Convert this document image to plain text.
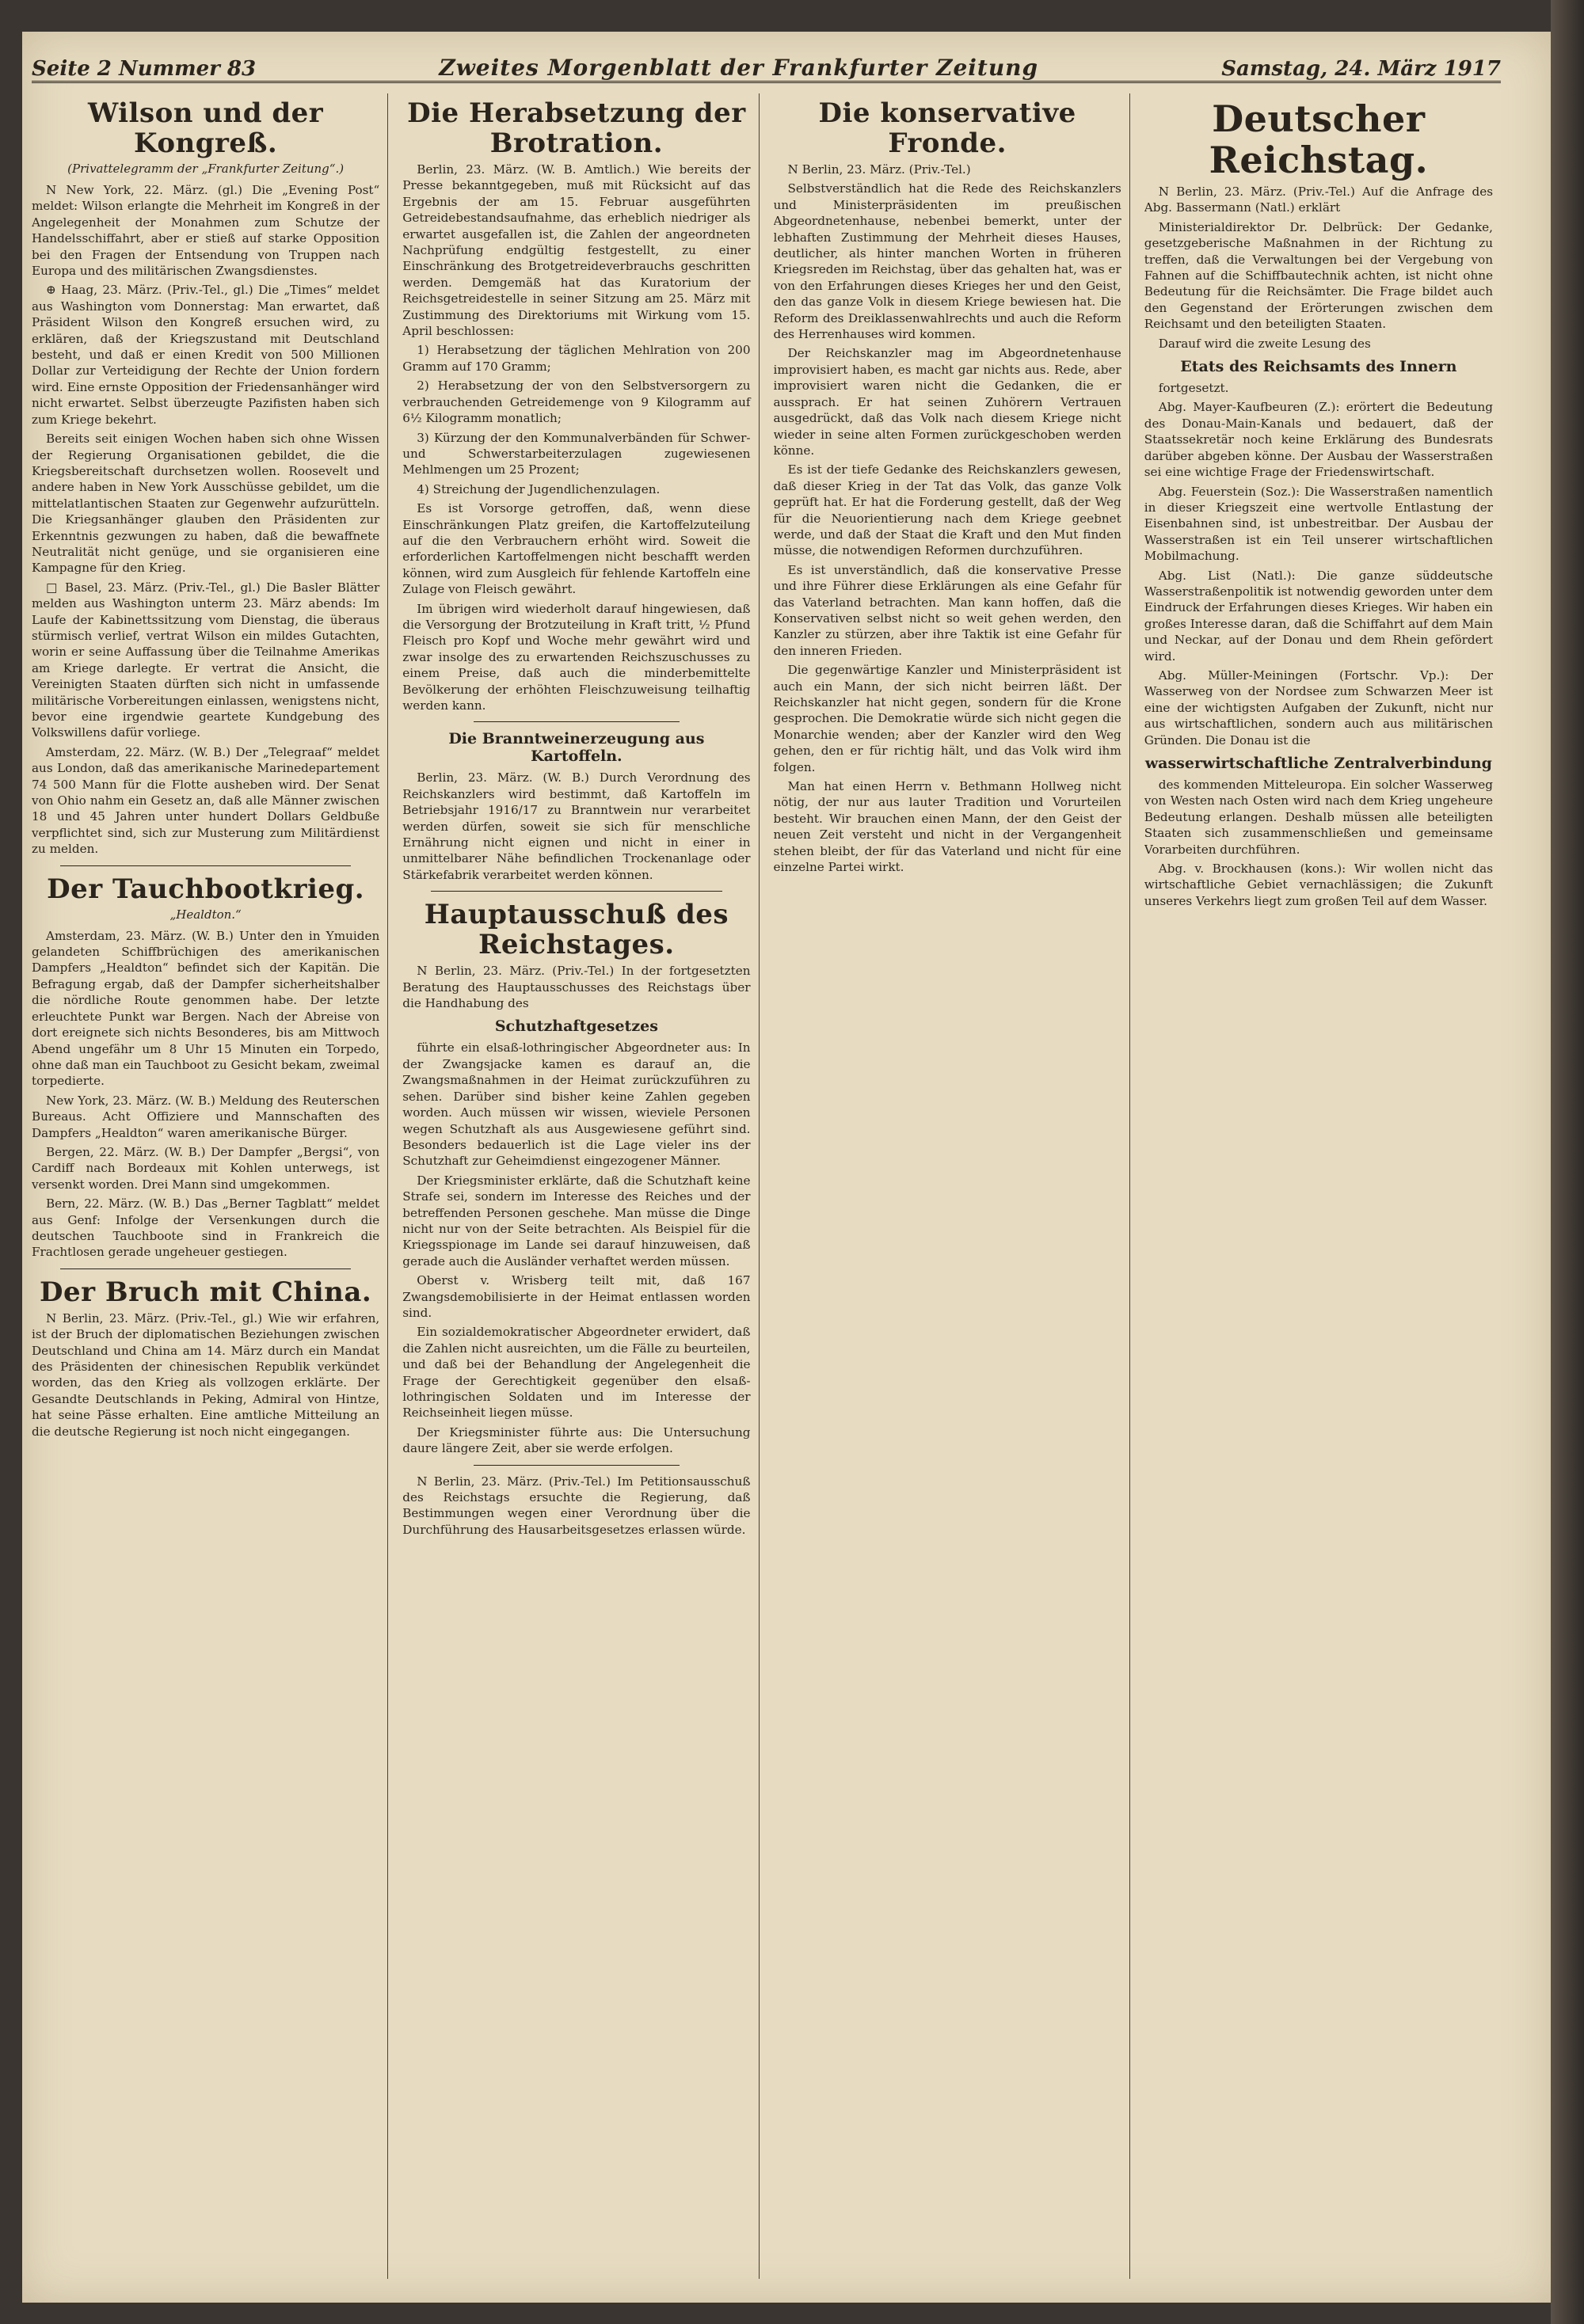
Seite 2 Nummer 83	Zweites Morgenblatt der Frankfurter Zeitung	Samstag, 24. März 1917
Wilson und der Kongreß.
(Privattelegramm der „Frankfurter Zeitung“.)

N New York, 22. März. (gl.) Die „Evening Post“ meldet: Wilson erlangte die Mehrheit im Kongreß in der Angelegenheit der Monahmen zum Schutze der Handelsschiffahrt, aber er stieß auf starke Opposition bei den Fragen der Entsendung von Truppen nach Europa und des militärischen Zwangsdienstes.

⊕ Haag, 23. März. (Priv.-Tel., gl.) Die „Times“ meldet aus Washington vom Donnerstag: Man erwartet, daß Präsident Wilson den Kongreß ersuchen wird, zu erklären, daß der Kriegszustand mit Deutschland besteht, und daß er einen Kredit von 500 Millionen Dollar zur Verteidigung der Rechte der Union fordern wird. Eine ernste Opposition der Friedensanhänger wird nicht erwartet. Selbst überzeugte Pazifisten haben sich zum Kriege bekehrt.

Bereits seit einigen Wochen haben sich ohne Wissen der Regierung Organisationen gebildet, die die Kriegsbereitschaft durchsetzen wollen. Roosevelt und andere haben in New York Ausschüsse gebildet, um die mittelatlantischen Staaten zur Gegenwehr aufzurütteln. Die Kriegsanhänger glauben den Präsidenten zur Erkenntnis gezwungen zu haben, daß die bewaffnete Neutralität nicht genüge, und sie organisieren eine Kampagne für den Krieg.

□ Basel, 23. März. (Priv.-Tel., gl.) Die Basler Blätter melden aus Washington unterm 23. März abends: Im Laufe der Kabinettssitzung vom Dienstag, die überaus stürmisch verlief, vertrat Wilson ein mildes Gutachten, worin er seine Auffassung über die Teilnahme Amerikas am Kriege darlegte. Er vertrat die Ansicht, die Vereinigten Staaten dürften sich nicht in umfassende militärische Vorbereitungen einlassen, wenigstens nicht, bevor eine irgendwie geartete Kundgebung des Volkswillens dafür vorliege.

Amsterdam, 22. März. (W. B.) Der „Telegraaf“ meldet aus London, daß das amerikanische Marinedepartement 74 500 Mann für die Flotte ausheben wird. Der Senat von Ohio nahm ein Gesetz an, daß alle Männer zwischen 18 und 45 Jahren unter hundert Dollars Geldbuße verpflichtet sind, sich zur Musterung zum Militärdienst zu melden.

Der Tauchbootkrieg.
„Healdton.“

Amsterdam, 23. März. (W. B.) Unter den in Ymuiden gelandeten Schiffbrüchigen des amerikanischen Dampfers „Healdton“ befindet sich der Kapitän. Die Befragung ergab, daß der Dampfer sicherheitshalber die nördliche Route genommen habe. Der letzte erleuchtete Punkt war Bergen. Nach der Abreise von dort ereignete sich nichts Besonderes, bis am Mittwoch Abend ungefähr um 8 Uhr 15 Minuten ein Torpedo, ohne daß man ein Tauchboot zu Gesicht bekam, zweimal torpedierte.

New York, 23. März. (W. B.) Meldung des Reuterschen Bureaus. Acht Offiziere und Mannschaften des Dampfers „Healdton“ waren amerikanische Bürger.

Bergen, 22. März. (W. B.) Der Dampfer „Bergsi“, von Cardiff nach Bordeaux mit Kohlen unterwegs, ist versenkt worden. Drei Mann sind umgekommen.

Bern, 22. März. (W. B.) Das „Berner Tagblatt“ meldet aus Genf: Infolge der Versenkungen durch die deutschen Tauchboote sind in Frankreich die Frachtlosen gerade ungeheuer gestiegen.

Der Bruch mit China.

N Berlin, 23. März. (Priv.-Tel., gl.) Wie wir erfahren, ist der Bruch der diplomatischen Beziehungen zwischen Deutschland und China am 14. März durch ein Mandat des Präsidenten der chinesischen Republik verkündet worden, das den Krieg als vollzogen erklärte. Der Gesandte Deutschlands in Peking, Admiral von Hintze, hat seine Pässe erhalten. Eine amtliche Mitteilung an die deutsche Regierung ist noch nicht eingegangen.

Die Herabsetzung der Brotration.

Berlin, 23. März. (W. B. Amtlich.) Wie bereits der Presse bekanntgegeben, muß mit Rücksicht auf das Ergebnis der am 15. Februar ausgeführten Getreidebestandsaufnahme, das erheblich niedriger als erwartet ausgefallen ist, die Zahlen der angeordneten Nachprüfung endgültig festgestellt, zu einer Einschränkung des Brotgetreideverbrauchs geschritten werden. Demgemäß hat das Kuratorium der Reichsgetreidestelle in seiner Sitzung am 25. März mit Zustimmung des Direktoriums mit Wirkung vom 15. April beschlossen:

1) Herabsetzung der täglichen Mehlration von 200 Gramm auf 170 Gramm;

2) Herabsetzung der von den Selbstversorgern zu verbrauchenden Getreidemenge von 9 Kilogramm auf 6½ Kilogramm monatlich;

3) Kürzung der den Kommunalverbänden für Schwer- und Schwerstarbeiterzulagen zugewiesenen Mehlmengen um 25 Prozent;

4) Streichung der Jugendlichenzulagen.

Es ist Vorsorge getroffen, daß, wenn diese Einschränkungen Platz greifen, die Kartoffelzuteilung auf die den Verbrauchern erhöht wird. Soweit die erforderlichen Kartoffelmengen nicht beschafft werden können, wird zum Ausgleich für fehlende Kartoffeln eine Zulage von Fleisch gewährt.

Im übrigen wird wiederholt darauf hingewiesen, daß die Versorgung der Brotzuteilung in Kraft tritt, ½ Pfund Fleisch pro Kopf und Woche mehr gewährt wird und zwar insolge des zu erwartenden Reichszuschusses zu einem Preise, daß auch die minderbemittelte Bevölkerung der erhöhten Fleischzuweisung teilhaftig werden kann.

Die Branntweinerzeugung aus Kartoffeln.

Berlin, 23. März. (W. B.) Durch Verordnung des Reichskanzlers wird bestimmt, daß Kartoffeln im Betriebsjahr 1916/17 zu Branntwein nur verarbeitet werden dürfen, soweit sie sich für menschliche Ernährung nicht eignen und nicht in einer in unmittelbarer Nähe befindlichen Trockenanlage oder Stärkefabrik verarbeitet werden können.

Hauptausschuß des Reichstages.

N Berlin, 23. März. (Priv.-Tel.) In der fortgesetzten Beratung des Hauptausschusses des Reichstags über die Handhabung des

Schutzhaftgesetzes

führte ein elsaß-lothringischer Abgeordneter aus: In der Zwangsjacke kamen es darauf an, die Zwangsmaßnahmen in der Heimat zurückzuführen zu sehen. Darüber sind bisher keine Zahlen gegeben worden. Auch müssen wir wissen, wieviele Personen wegen Schutzhaft als aus Ausgewiesene geführt sind. Besonders bedauerlich ist die Lage vieler ins der Schutzhaft zur Geheimdienst eingezogener Männer.

Der Kriegsminister erklärte, daß die Schutzhaft keine Strafe sei, sondern im Interesse des Reiches und der betreffenden Personen geschehe. Man müsse die Dinge nicht nur von der Seite betrachten. Als Beispiel für die Kriegsspionage im Lande sei darauf hinzuweisen, daß gerade auch die Ausländer verhaftet werden müssen.

Oberst v. Wrisberg teilt mit, daß 167 Zwangsdemobilisierte in der Heimat entlassen worden sind.

Ein sozialdemokratischer Abgeordneter erwidert, daß die Zahlen nicht ausreichten, um die Fälle zu beurteilen, und daß bei der Behandlung der Angelegenheit die Frage der Gerechtigkeit gegenüber den elsaß-lothringischen Soldaten und im Interesse der Reichseinheit liegen müsse.

Der Kriegsminister führte aus: Die Untersuchung daure längere Zeit, aber sie werde erfolgen.

N Berlin, 23. März. (Priv.-Tel.) Im Petitionsausschuß des Reichstags ersuchte die Regierung, daß Bestimmungen wegen einer Verordnung über die Durchführung des Hausarbeitsgesetzes erlassen würde.

Die konservative Fronde.

N Berlin, 23. März. (Priv.-Tel.)

Selbstverständlich hat die Rede des Reichskanzlers und Ministerpräsidenten im preußischen Abgeordnetenhause, nebenbei bemerkt, unter der lebhaften Zustimmung der Mehrheit dieses Hauses, deutlicher, als hinter manchen Worten in früheren Kriegsreden im Reichstag, über das gehalten hat, was er von den Erfahrungen dieses Krieges her und den Geist, den das ganze Volk in diesem Kriege bewiesen hat. Die Reform des Dreiklassenwahlrechts und auch die Reform des Herrenhauses wird kommen.

Der Reichskanzler mag im Abgeordnetenhause improvisiert haben, es macht gar nichts aus. Rede, aber improvisiert waren nicht die Gedanken, die er aussprach. Er hat seinen Zuhörern Vertrauen ausgedrückt, daß das Volk nach diesem Kriege nicht wieder in seine alten Formen zurückgeschoben werden könne.

Es ist der tiefe Gedanke des Reichskanzlers gewesen, daß dieser Krieg in der Tat das Volk, das ganze Volk geprüft hat. Er hat die Forderung gestellt, daß der Weg für die Neuorientierung nach dem Kriege geebnet werde, und daß der Staat die Kraft und den Mut finden müsse, die notwendigen Reformen durchzuführen.

Es ist unverständlich, daß die konservative Presse und ihre Führer diese Erklärungen als eine Gefahr für das Vaterland betrachten. Man kann hoffen, daß die Konservativen selbst nicht so weit gehen werden, den Kanzler zu stürzen, aber ihre Taktik ist eine Gefahr für den inneren Frieden.

Die gegenwärtige Kanzler und Ministerpräsident ist auch ein Mann, der sich nicht beirren läßt. Der Reichskanzler hat nicht gegen, sondern für die Krone gesprochen. Die Demokratie würde sich nicht gegen die Monarchie wenden; aber der Kanzler wird den Weg gehen, den er für richtig hält, und das Volk wird ihm folgen.

Man hat einen Herrn v. Bethmann Hollweg nicht nötig, der nur aus lauter Tradition und Vorurteilen besteht. Wir brauchen einen Mann, der den Geist der neuen Zeit versteht und nicht in der Vergangenheit stehen bleibt, der für das Vaterland und nicht für eine einzelne Partei wirkt.

Deutscher Reichstag.

N Berlin, 23. März. (Priv.-Tel.) Auf die Anfrage des Abg. Bassermann (Natl.) erklärt

Ministerialdirektor Dr. Delbrück: Der Gedanke, gesetzgeberische Maßnahmen in der Richtung zu treffen, daß die Verwaltungen bei der Vergebung von Fahnen auf die Schiffbautechnik achten, ist nicht ohne Bedeutung für die Reichsämter. Die Frage bildet auch den Gegenstand der Erörterungen zwischen dem Reichsamt und den beteiligten Staaten.

Darauf wird die zweite Lesung des

Etats des Reichsamts des Innern

fortgesetzt.

Abg. Mayer-Kaufbeuren (Z.): erörtert die Bedeutung des Donau-Main-Kanals und bedauert, daß der Staatssekretär noch keine Erklärung des Bundesrats darüber abgeben könne. Der Ausbau der Wasserstraßen sei eine wichtige Frage der Friedenswirtschaft.

Abg. Feuerstein (Soz.): Die Wasserstraßen namentlich in dieser Kriegszeit eine wertvolle Entlastung der Eisenbahnen sind, ist unbestreitbar. Der Ausbau der Wasserstraßen ist ein Teil unserer wirtschaftlichen Mobilmachung.

Abg. List (Natl.): Die ganze süddeutsche Wasserstraßenpolitik ist notwendig geworden unter dem Eindruck der Erfahrungen dieses Krieges. Wir haben ein großes Interesse daran, daß die Schiffahrt auf dem Main und Neckar, auf der Donau und dem Rhein gefördert wird.

Abg. Müller-Meiningen (Fortschr. Vp.): Der Wasserweg von der Nordsee zum Schwarzen Meer ist eine der wichtigsten Aufgaben der Zukunft, nicht nur aus wirtschaftlichen, sondern auch aus militärischen Gründen. Die Donau ist die

wasserwirtschaftliche Zentralverbindung

des kommenden Mitteleuropa. Ein solcher Wasserweg von Westen nach Osten wird nach dem Krieg ungeheure Bedeutung erlangen. Deshalb müssen alle beteiligten Staaten sich zusammenschließen und gemeinsame Vorarbeiten durchführen.

Abg. v. Brockhausen (kons.): Wir wollen nicht das wirtschaftliche Gebiet vernachlässigen; die Zukunft unseres Verkehrs liegt zum großen Teil auf dem Wasser.
